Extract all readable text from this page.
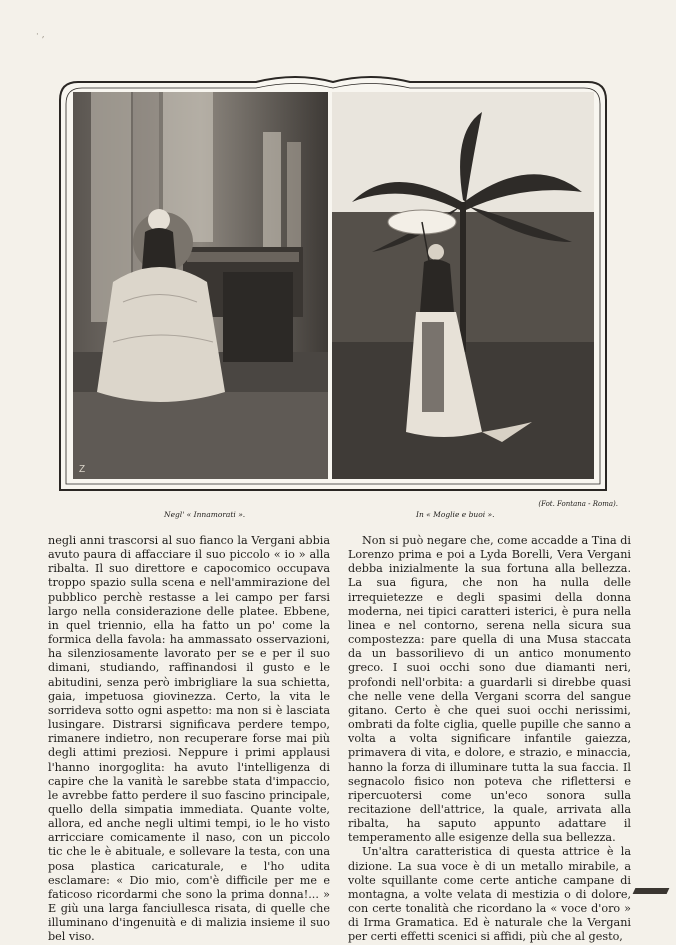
· ,
Z
Negl' « Innamorati ».	In « Moglie e buoi ».
(Fot. Fontana - Roma).

negli anni trascorsi al suo fianco la Vergani abbia avuto paura di affacciare il suo piccolo « io » alla ribalta. Il suo direttore e capocomico occupava troppo spazio sulla scena e nell'ammirazione del pubblico perchè restasse a lei campo per farsi largo nella considerazione delle platee. Ebbene, in quel triennio, ella ha fatto un po' come la formica della favola: ha ammassato osservazioni, ha silenziosamente lavorato per se e per il suo dimani, studiando, raffinandosi il gusto e le abitudini, senza però imbrigliare la sua schietta, gaia, impetuosa giovinezza. Certo, la vita le sorrideva sotto ogni aspetto: ma non si è lasciata lusingare. Distrarsi significava perdere tempo, rimanere indietro, non recuperare forse mai più degli attimi preziosi. Neppure i primi applausi l'hanno inorgoglita: ha avuto l'intelligenza di capire che la vanità le sarebbe stata d'impaccio, le avrebbe fatto perdere il suo fascino principale, quello della simpatia immediata. Quante volte, allora, ed anche negli ultimi tempi, io le ho visto arricciare comicamente il naso, con un piccolo tic che le è abituale, e sollevare la testa, con una posa plastica caricaturale, e l'ho udita esclamare: « Dio mio, com'è difficile per me e faticoso ricordarmi che sono la prima donna!... » E giù una larga fanciullesca risata, di quelle che illuminano d'ingenuità e di malizia insieme il suo bel viso.

Non si può negare che, come accadde a Tina di Lorenzo prima e poi a Lyda Borelli, Vera Vergani debba inizialmente la sua fortuna alla bellezza. La sua figura, che non ha nulla delle irrequietezze e degli spasimi della donna moderna, nei tipici caratteri isterici, è pura nella linea e nel contorno, serena nella sicura sua compostezza: pare quella di una Musa staccata da un bassorilievo di un antico monumento greco. I suoi occhi sono due diamanti neri, profondi nell'orbita: a guardarli si direbbe quasi che nelle vene della Vergani scorra del sangue gitano. Certo è che quei suoi occhi nerissimi, ombrati da folte ciglia, quelle pupille che sanno a volta a volta significare infantile gaiezza, primavera di vita, e dolore, e strazio, e minaccia, hanno la forza di illuminare tutta la sua faccia. Il segnacolo fisico non poteva che riflettersi e ripercuotersi come un'eco sonora sulla recitazione dell'attrice, la quale, arrivata alla ribalta, ha saputo appunto adattare il temperamento alle esigenze della sua bellezza.

Un'altra caratteristica di questa attrice è la dizione. La sua voce è di un metallo mirabile, a volte squillante come certe antiche campane di montagna, a volte velata di mestizia o di dolore, con certe tonalità che ricordano la « voce d'oro » di Irma Gramatica. Ed è naturale che la Vergani per certi effetti scenici si affidi, più che al gesto,
